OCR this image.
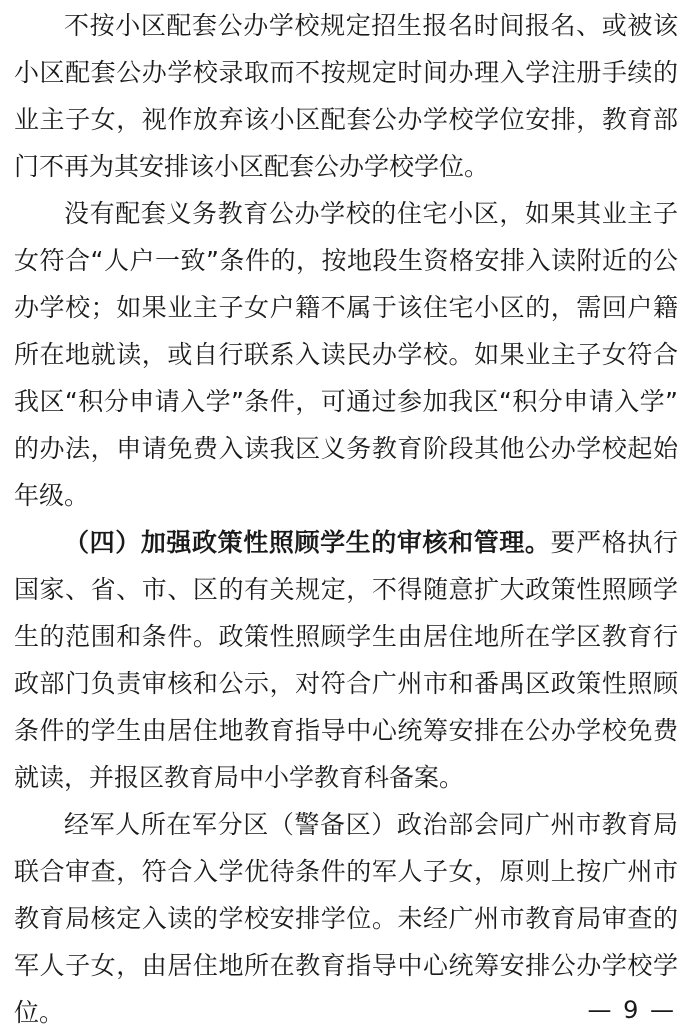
不按小区配套公办学校规定招生报名时间报名、或被该
小区配套公办学校录取而不按规定时间办理入学注册手续的
业主子女，视作放弃该小区配套公办学校学位安排，教育部
门不再为其安排该小区配套公办学校学位。
没有配套义务教育公办学校的住宅小区，如果其业主子
女符合“人户一致”条件的，按地段生资格安排入读附近的公
办学校；如果业主子女户籍不属于该住宅小区的，需回户籍
所在地就读，或自行联系入读民办学校。如果业主子女符合
我区“积分申请入学”条件，可通过参加我区“积分申请入学”
的办法，申请免费入读我区义务教育阶段其他公办学校起始
年级。
（四）加强政策性照顾学生的审核和管理。要严格执行
国家、省、市、区的有关规定，不得随意扩大政策性照顾学
生的范围和条件。政策性照顾学生由居住地所在学区教育行
政部门负责审核和公示，对符合广州市和番禺区政策性照顾
条件的学生由居住地教育指导中心统筹安排在公办学校免费
就读，并报区教育局中小学教育科备案。
经军人所在军分区（警备区）政治部会同广州市教育局
联合审查，符合入学优待条件的军人子女，原则上按广州市
教育局核定入读的学校安排学位。未经广州市教育局审查的
军人子女，由居住地所在教育指导中心统筹安排公办学校学
位。	— 9 —
